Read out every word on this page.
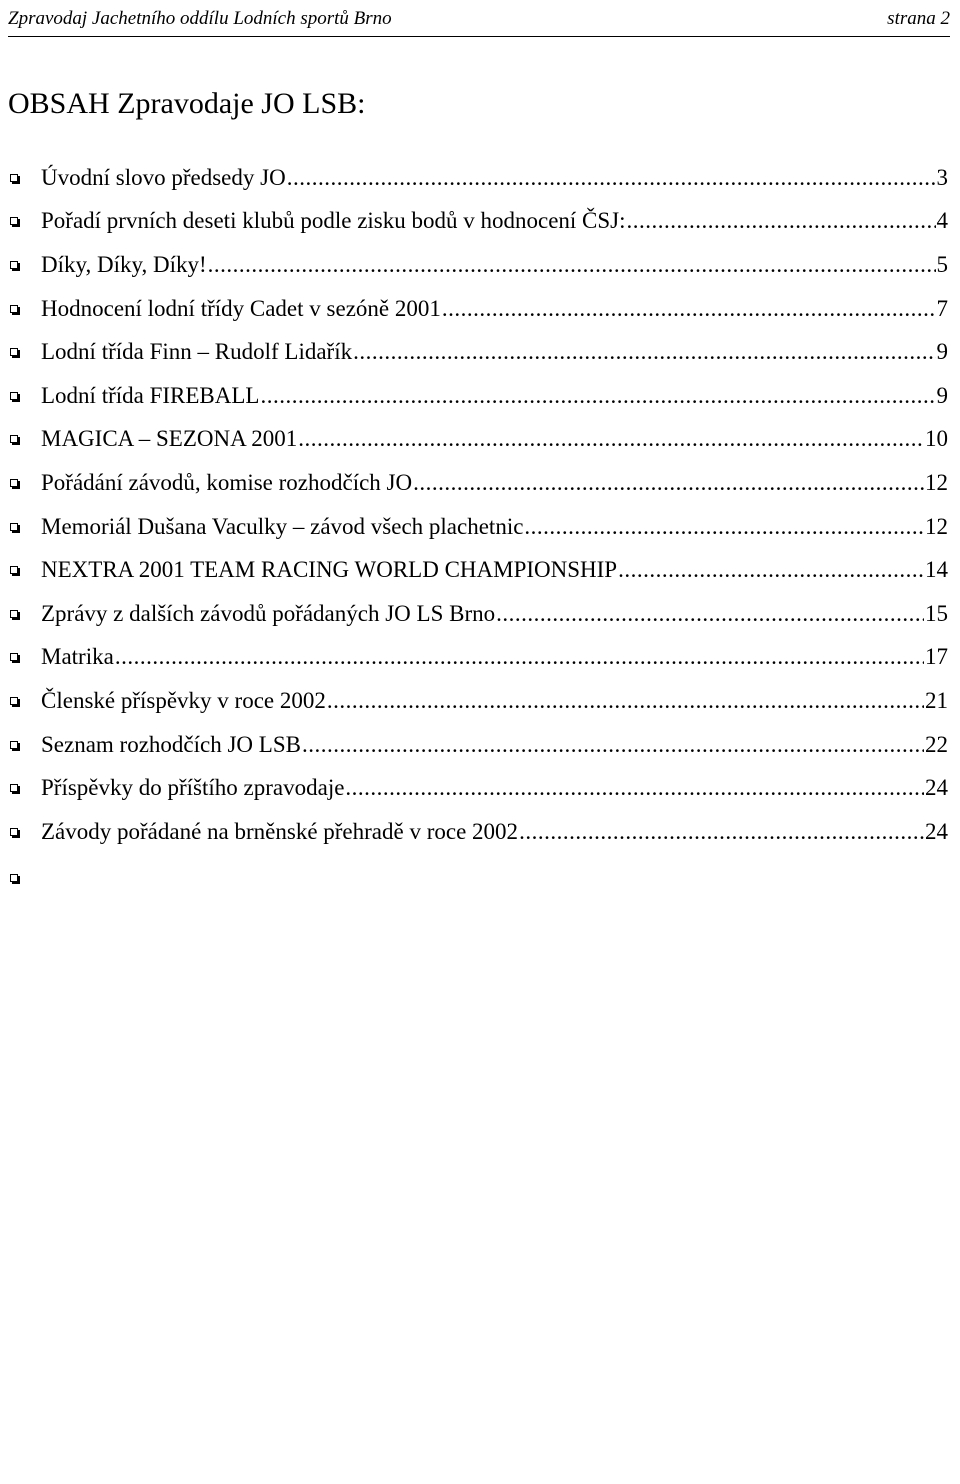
Zpravodaj Jachetního oddílu Lodních sportů Brno	strana 2
OBSAH Zpravodaje JO LSB:
Úvodní slovo předsedy JO .....	3
Pořadí prvních deseti klubů podle zisku bodů v hodnocení ČSJ: .....	4
Díky, Díky, Díky! .....	5
Hodnocení lodní třídy Cadet v sezóně 2001 .....	7
Lodní třída Finn – Rudolf Lidařík .....	9
Lodní třída FIREBALL .....	9
MAGICA – SEZONA 2001 .....	10
Pořádání závodů, komise rozhodčích JO .....	12
Memoriál Dušana Vaculky – závod všech plachetnic .....	12
NEXTRA 2001 TEAM RACING WORLD CHAMPIONSHIP .....	14
Zprávy z dalších závodů pořádaných JO LS Brno .....	15
Matrika .....	17
Členské příspěvky v roce 2002 .....	21
Seznam rozhodčích JO LSB .....	22
Příspěvky do příštího zpravodaje .....	24
Závody pořádané na brněnské přehradě v roce 2002 .....	24
